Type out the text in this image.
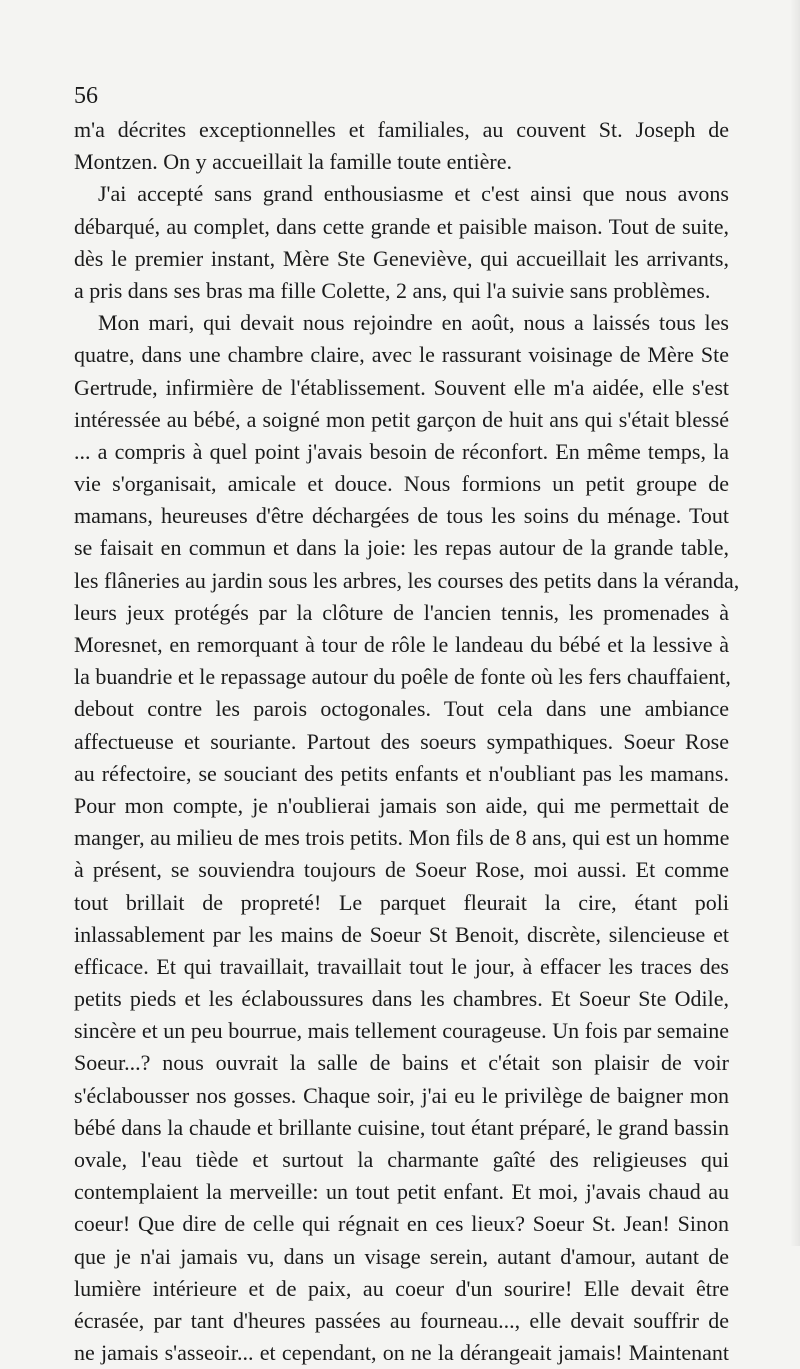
56
m'a décrites exceptionnelles et familiales, au couvent St. Joseph de
Montzen. On y accueillait la famille toute entière.
J'ai accepté sans grand enthousiasme et c'est ainsi que nous avons
débarqué, au complet, dans cette grande et paisible maison. Tout de suite,
dès le premier instant, Mère Ste Geneviève, qui accueillait les arrivants,
a pris dans ses bras ma fille Colette, 2 ans, qui l'a suivie sans problèmes.
Mon mari, qui devait nous rejoindre en août, nous a laissés tous les
quatre, dans une chambre claire, avec le rassurant voisinage de Mère Ste
Gertrude, infirmière de l'établissement. Souvent elle m'a aidée, elle s'est
intéressée au bébé, a soigné mon petit garçon de huit ans qui s'était blessé
... a compris à quel point j'avais besoin de réconfort. En même temps, la
vie s'organisait, amicale et douce. Nous formions un petit groupe de
mamans, heureuses d'être déchargées de tous les soins du ménage. Tout
se faisait en commun et dans la joie: les repas autour de la grande table,
les flâneries au jardin sous les arbres, les courses des petits dans la véranda,
leurs jeux protégés par la clôture de l'ancien tennis, les promenades à
Moresnet, en remorquant à tour de rôle le landeau du bébé et la lessive à
la buandrie et le repassage autour du poêle de fonte où les fers chauffaient,
debout contre les parois octogonales. Tout cela dans une ambiance
affectueuse et souriante. Partout des soeurs sympathiques. Soeur Rose
au réfectoire, se souciant des petits enfants et n'oubliant pas les mamans.
Pour mon compte, je n'oublierai jamais son aide, qui me permettait de
manger, au milieu de mes trois petits. Mon fils de 8 ans, qui est un homme
à présent, se souviendra toujours de Soeur Rose, moi aussi. Et comme
tout brillait de propreté! Le parquet fleurait la cire, étant poli
inlassablement par les mains de Soeur St Benoit, discrète, silencieuse et
efficace. Et qui travaillait, travaillait tout le jour, à effacer les traces des
petits pieds et les éclaboussures dans les chambres. Et Soeur Ste Odile,
sincère et un peu bourrue, mais tellement courageuse. Un fois par semaine
Soeur...? nous ouvrait la salle de bains et c'était son plaisir de voir
s'éclabousser nos gosses. Chaque soir, j'ai eu le privilège de baigner mon
bébé dans la chaude et brillante cuisine, tout étant préparé, le grand bassin
ovale, l'eau tiède et surtout la charmante gaîté des religieuses qui
contemplaient la merveille: un tout petit enfant. Et moi, j'avais chaud au
coeur! Que dire de celle qui régnait en ces lieux? Soeur St. Jean! Sinon
que je n'ai jamais vu, dans un visage serein, autant d'amour, autant de
lumière intérieure et de paix, au coeur d'un sourire! Elle devait être
écrasée, par tant d'heures passées au fourneau..., elle devait souffrir de
ne jamais s'asseoir... et cependant, on ne la dérangeait jamais! Maintenant
